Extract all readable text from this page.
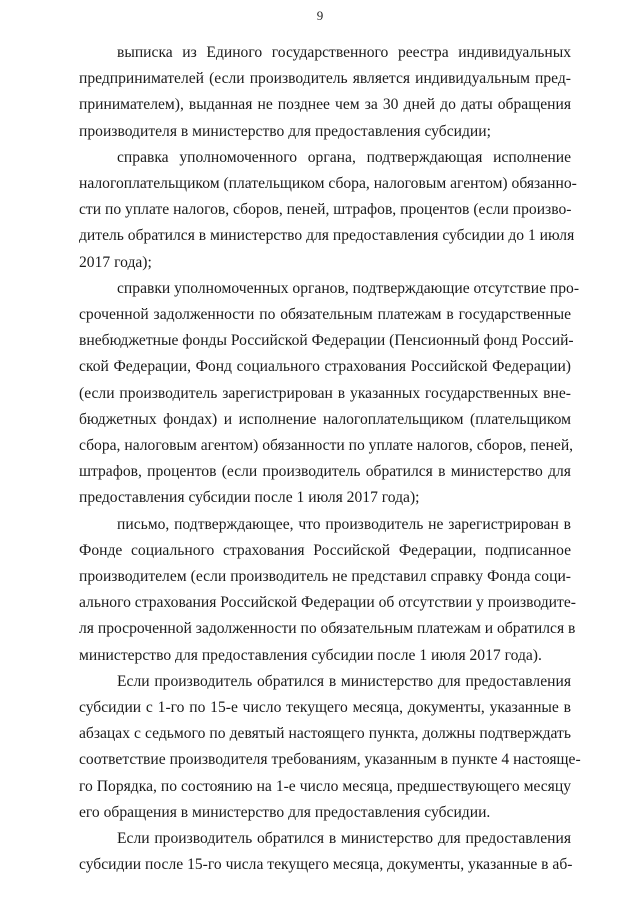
9
выписка из Единого государственного реестра индивидуальных
предпринимателей (если производитель является индивидуальным пред-
принимателем), выданная не позднее чем за 30 дней до даты обращения
производителя в министерство для предоставления субсидии;
справка уполномоченного органа, подтверждающая исполнение
налогоплательщиком (плательщиком сбора, налоговым агентом) обязанно-
сти по уплате налогов, сборов, пеней, штрафов, процентов (если произво-
дитель обратился в министерство для предоставления субсидии до 1 июля
2017 года);
справки уполномоченных органов, подтверждающие отсутствие про-
сроченной задолженности по обязательным платежам в государственные
внебюджетные фонды Российской Федерации (Пенсионный фонд Россий-
ской Федерации, Фонд социального страхования Российской Федерации)
(если производитель зарегистрирован в указанных государственных вне-
бюджетных фондах) и исполнение налогоплательщиком (плательщиком
сбора, налоговым агентом) обязанности по уплате налогов, сборов, пеней,
штрафов, процентов (если производитель обратился в министерство для
предоставления субсидии после 1 июля 2017 года);
письмо, подтверждающее, что производитель не зарегистрирован в
Фонде социального страхования Российской Федерации, подписанное
производителем (если производитель не представил справку Фонда соци-
ального страхования Российской Федерации об отсутствии у производите-
ля просроченной задолженности по обязательным платежам и обратился в
министерство для предоставления субсидии после 1 июля 2017 года).
Если производитель обратился в министерство для предоставления
субсидии с 1-го по 15-е число текущего месяца, документы, указанные в
абзацах с седьмого по девятый настоящего пункта, должны подтверждать
соответствие производителя требованиям, указанным в пункте 4 настояще-
го Порядка, по состоянию на 1-е число месяца, предшествующего месяцу
его обращения в министерство для предоставления субсидии.
Если производитель обратился в министерство для предоставления
субсидии после 15-го числа текущего месяца, документы, указанные в аб-
